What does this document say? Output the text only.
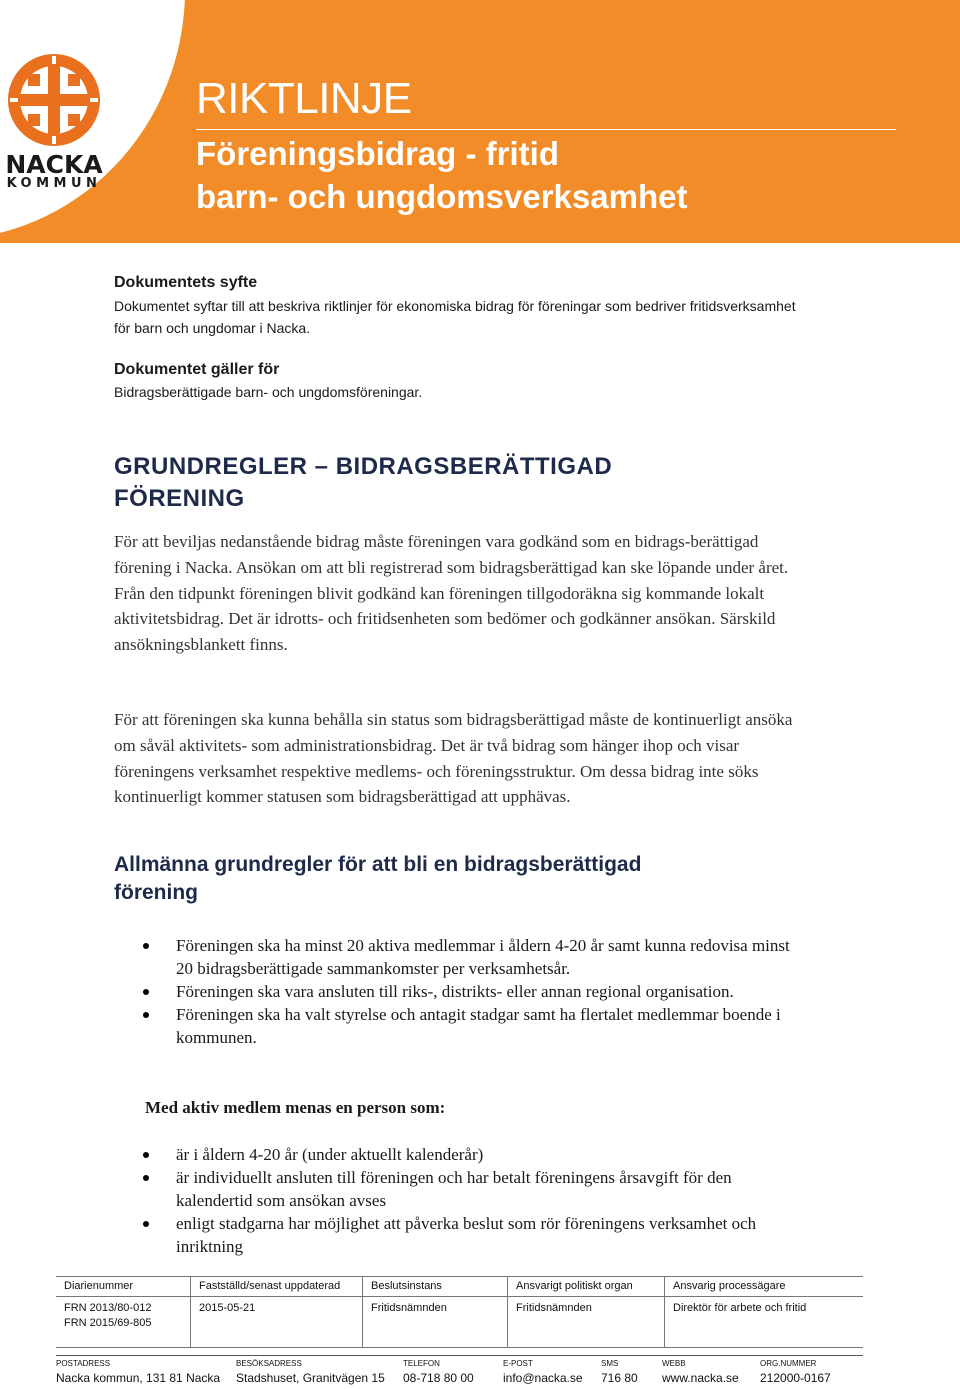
NACKA
KOMMUN
RIKTLINJE
Föreningsbidrag - fritid
barn- och ungdomsverksamhet
Dokumentets syfte
Dokumentet syftar till att beskriva riktlinjer för ekonomiska bidrag för föreningar som bedriver fritidsverksamhet för barn och ungdomar i Nacka.
Dokumentet gäller för
Bidragsberättigade barn- och ungdomsföreningar.
GRUNDREGLER – BIDRAGSBERÄTTIGAD
FÖRENING
För att beviljas nedanstående bidrag måste föreningen vara godkänd som en bidrags-berättigad förening i Nacka. Ansökan om att bli registrerad som bidragsberättigad kan ske löpande under året. Från den tidpunkt föreningen blivit godkänd kan föreningen tillgodoräkna sig kommande lokalt aktivitetsbidrag. Det är idrotts- och fritidsenheten som bedömer och godkänner ansökan. Särskild ansökningsblankett finns.
För att föreningen ska kunna behålla sin status som bidragsberättigad måste de kontinuerligt ansöka om såväl aktivitets- som administrationsbidrag. Det är två bidrag som hänger ihop och visar föreningens verksamhet respektive medlems- och föreningsstruktur. Om dessa bidrag inte söks kontinuerligt kommer statusen som bidragsberättigad att upphävas.
Allmänna grundregler för att bli en bidragsberättigad
förening
Föreningen ska ha minst 20 aktiva medlemmar i åldern 4-20 år samt kunna redovisa minst 20 bidragsberättigade sammankomster per verksamhetsår.
Föreningen ska vara ansluten till riks-, distrikts- eller annan regional organisation.
Föreningen ska ha valt styrelse och antagit stadgar samt ha flertalet medlemmar boende i kommunen.
Med aktiv medlem menas en person som:
är i åldern 4-20 år (under aktuellt kalenderår)
är individuellt ansluten till föreningen och har betalt föreningens årsavgift för den kalendertid som ansökan avses
enligt stadgarna har möjlighet att påverka beslut som rör föreningens verksamhet och inriktning
Diarienummer	Fastställd/senast uppdaterad	Beslutsinstans	Ansvarigt politiskt organ	Ansvarig processägare

FRN 2013/80-012
FRN 2015/69-805	2015-05-21	Fritidsnämnden	Fritidsnämnden	Direktör för arbete och fritid
POSTADRESS
Nacka kommun, 131 81 Nacka
BESÖKSADRESS
Stadshuset, Granitvägen 15
TELEFON
08-718 80 00
E-POST
info@nacka.se
SMS
716 80
WEBB
www.nacka.se
ORG.NUMMER
212000-0167
